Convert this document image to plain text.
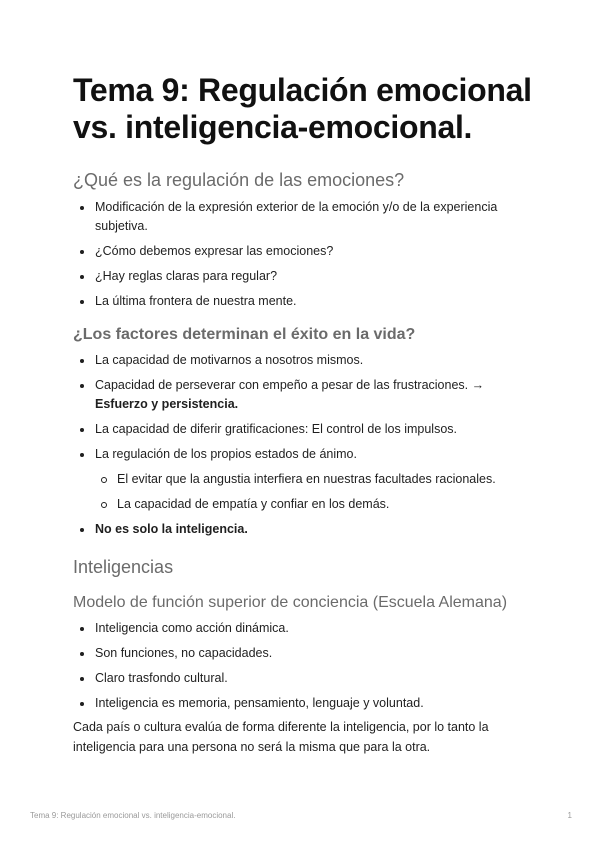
Tema 9: Regulación emocional vs. inteligencia-emocional.
¿Qué es la regulación de las emociones?
Modificación de la expresión exterior de la emoción y/o de la experiencia subjetiva.
¿Cómo debemos expresar las emociones?
¿Hay reglas claras para regular?
La última frontera de nuestra mente.
¿Los factores determinan el éxito en la vida?
La capacidad de motivarnos a nosotros mismos.
Capacidad de perseverar con empeño a pesar de las frustraciones. →
Esfuerzo y persistencia.
La capacidad de diferir gratificaciones: El control de los impulsos.
La regulación de los propios estados de ánimo.
El evitar que la angustia interfiera en nuestras facultades racionales.
La capacidad de empatía y confiar en los demás.
No es solo la inteligencia.
Inteligencias
Modelo de función superior de conciencia (Escuela Alemana)
Inteligencia como acción dinámica.
Son funciones, no capacidades.
Claro trasfondo cultural.
Inteligencia es memoria, pensamiento, lenguaje y voluntad.

Cada país o cultura evalúa de forma diferente la inteligencia, por lo tanto la inteligencia para una persona no será la misma que para la otra.

Tema 9: Regulación emocional vs. inteligencia-emocional.	1
